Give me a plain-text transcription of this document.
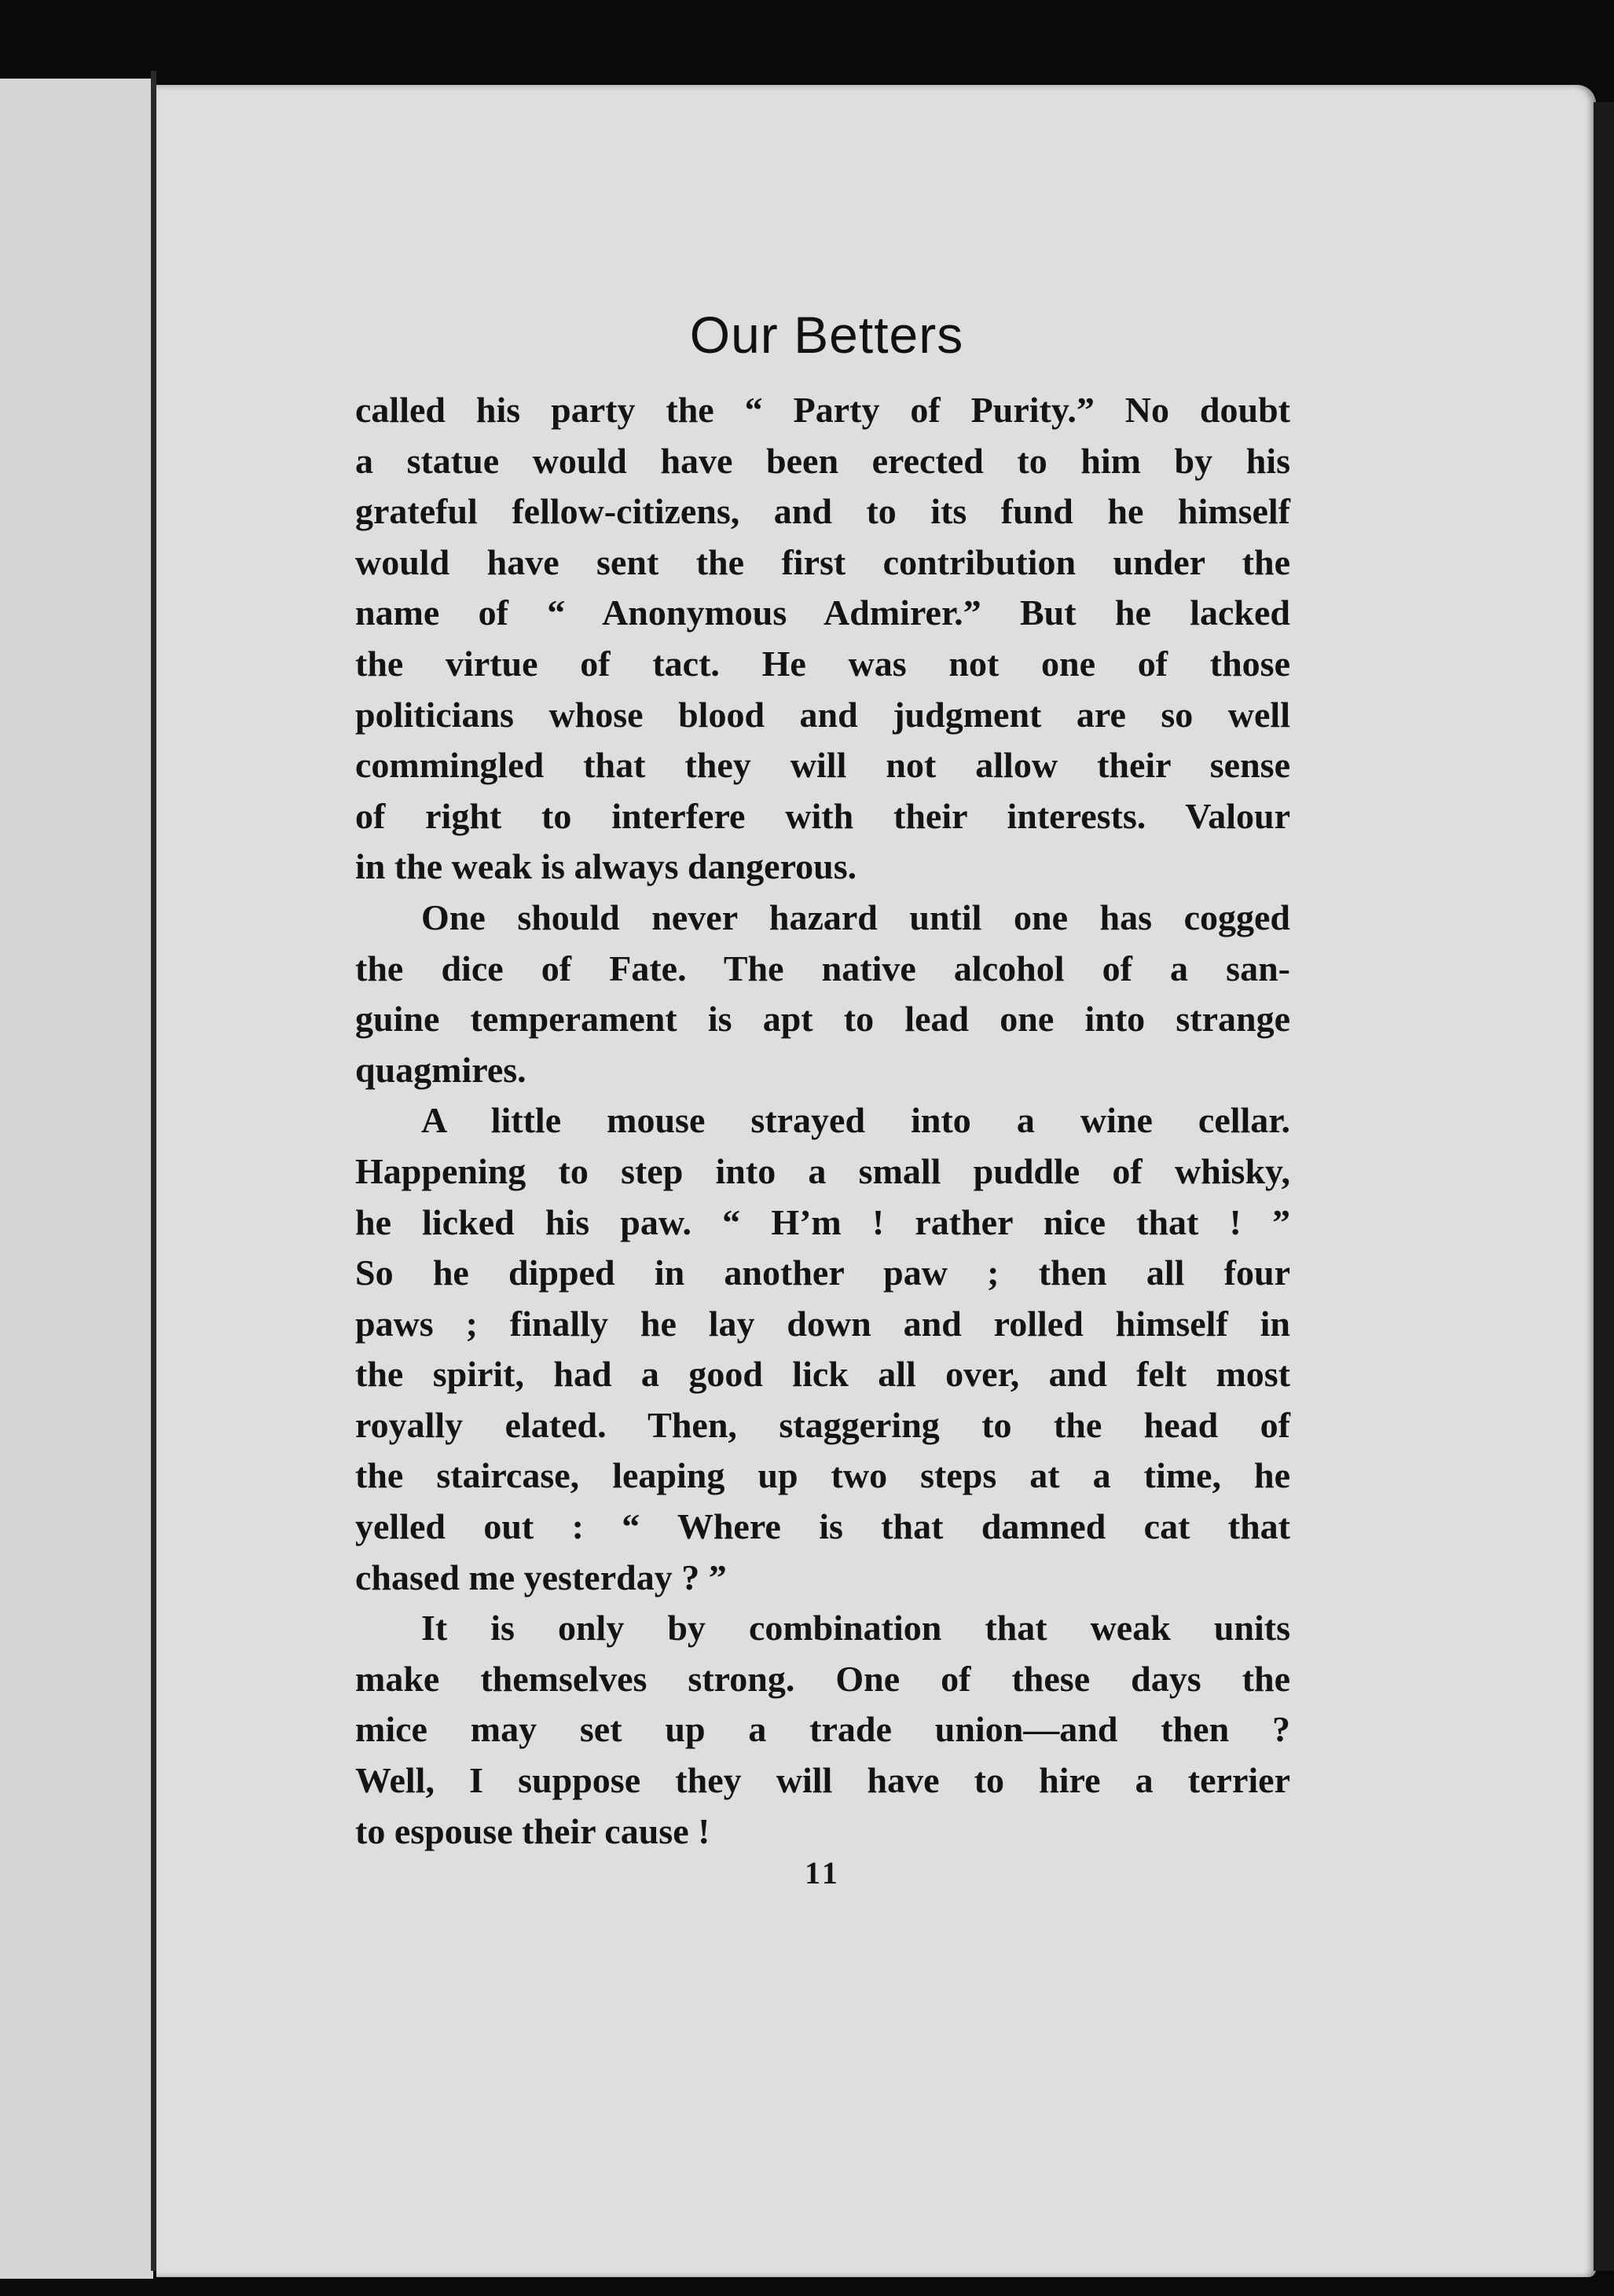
Our Betters
called his party the “ Party of Purity.” No doubt
a statue would have been erected to him by his
grateful fellow-citizens, and to its fund he himself
would have sent the first contribution under the
name of “ Anonymous Admirer.” But he lacked
the virtue of tact. He was not one of those
politicians whose blood and judgment are so well
commingled that they will not allow their sense
of right to interfere with their interests. Valour
in the weak is always dangerous.
One should never hazard until one has cogged
the dice of Fate. The native alcohol of a san-
guine temperament is apt to lead one into strange
quagmires.
A little mouse strayed into a wine cellar.
Happening to step into a small puddle of whisky,
he licked his paw. “ H’m ! rather nice that ! ”
So he dipped in another paw ; then all four
paws ; finally he lay down and rolled himself in
the spirit, had a good lick all over, and felt most
royally elated. Then, staggering to the head of
the staircase, leaping up two steps at a time, he
yelled out : “ Where is that damned cat that
chased me yesterday ? ”
It is only by combination that weak units
make themselves strong. One of these days the
mice may set up a trade union—and then ?
Well, I suppose they will have to hire a terrier
to espouse their cause !
11
